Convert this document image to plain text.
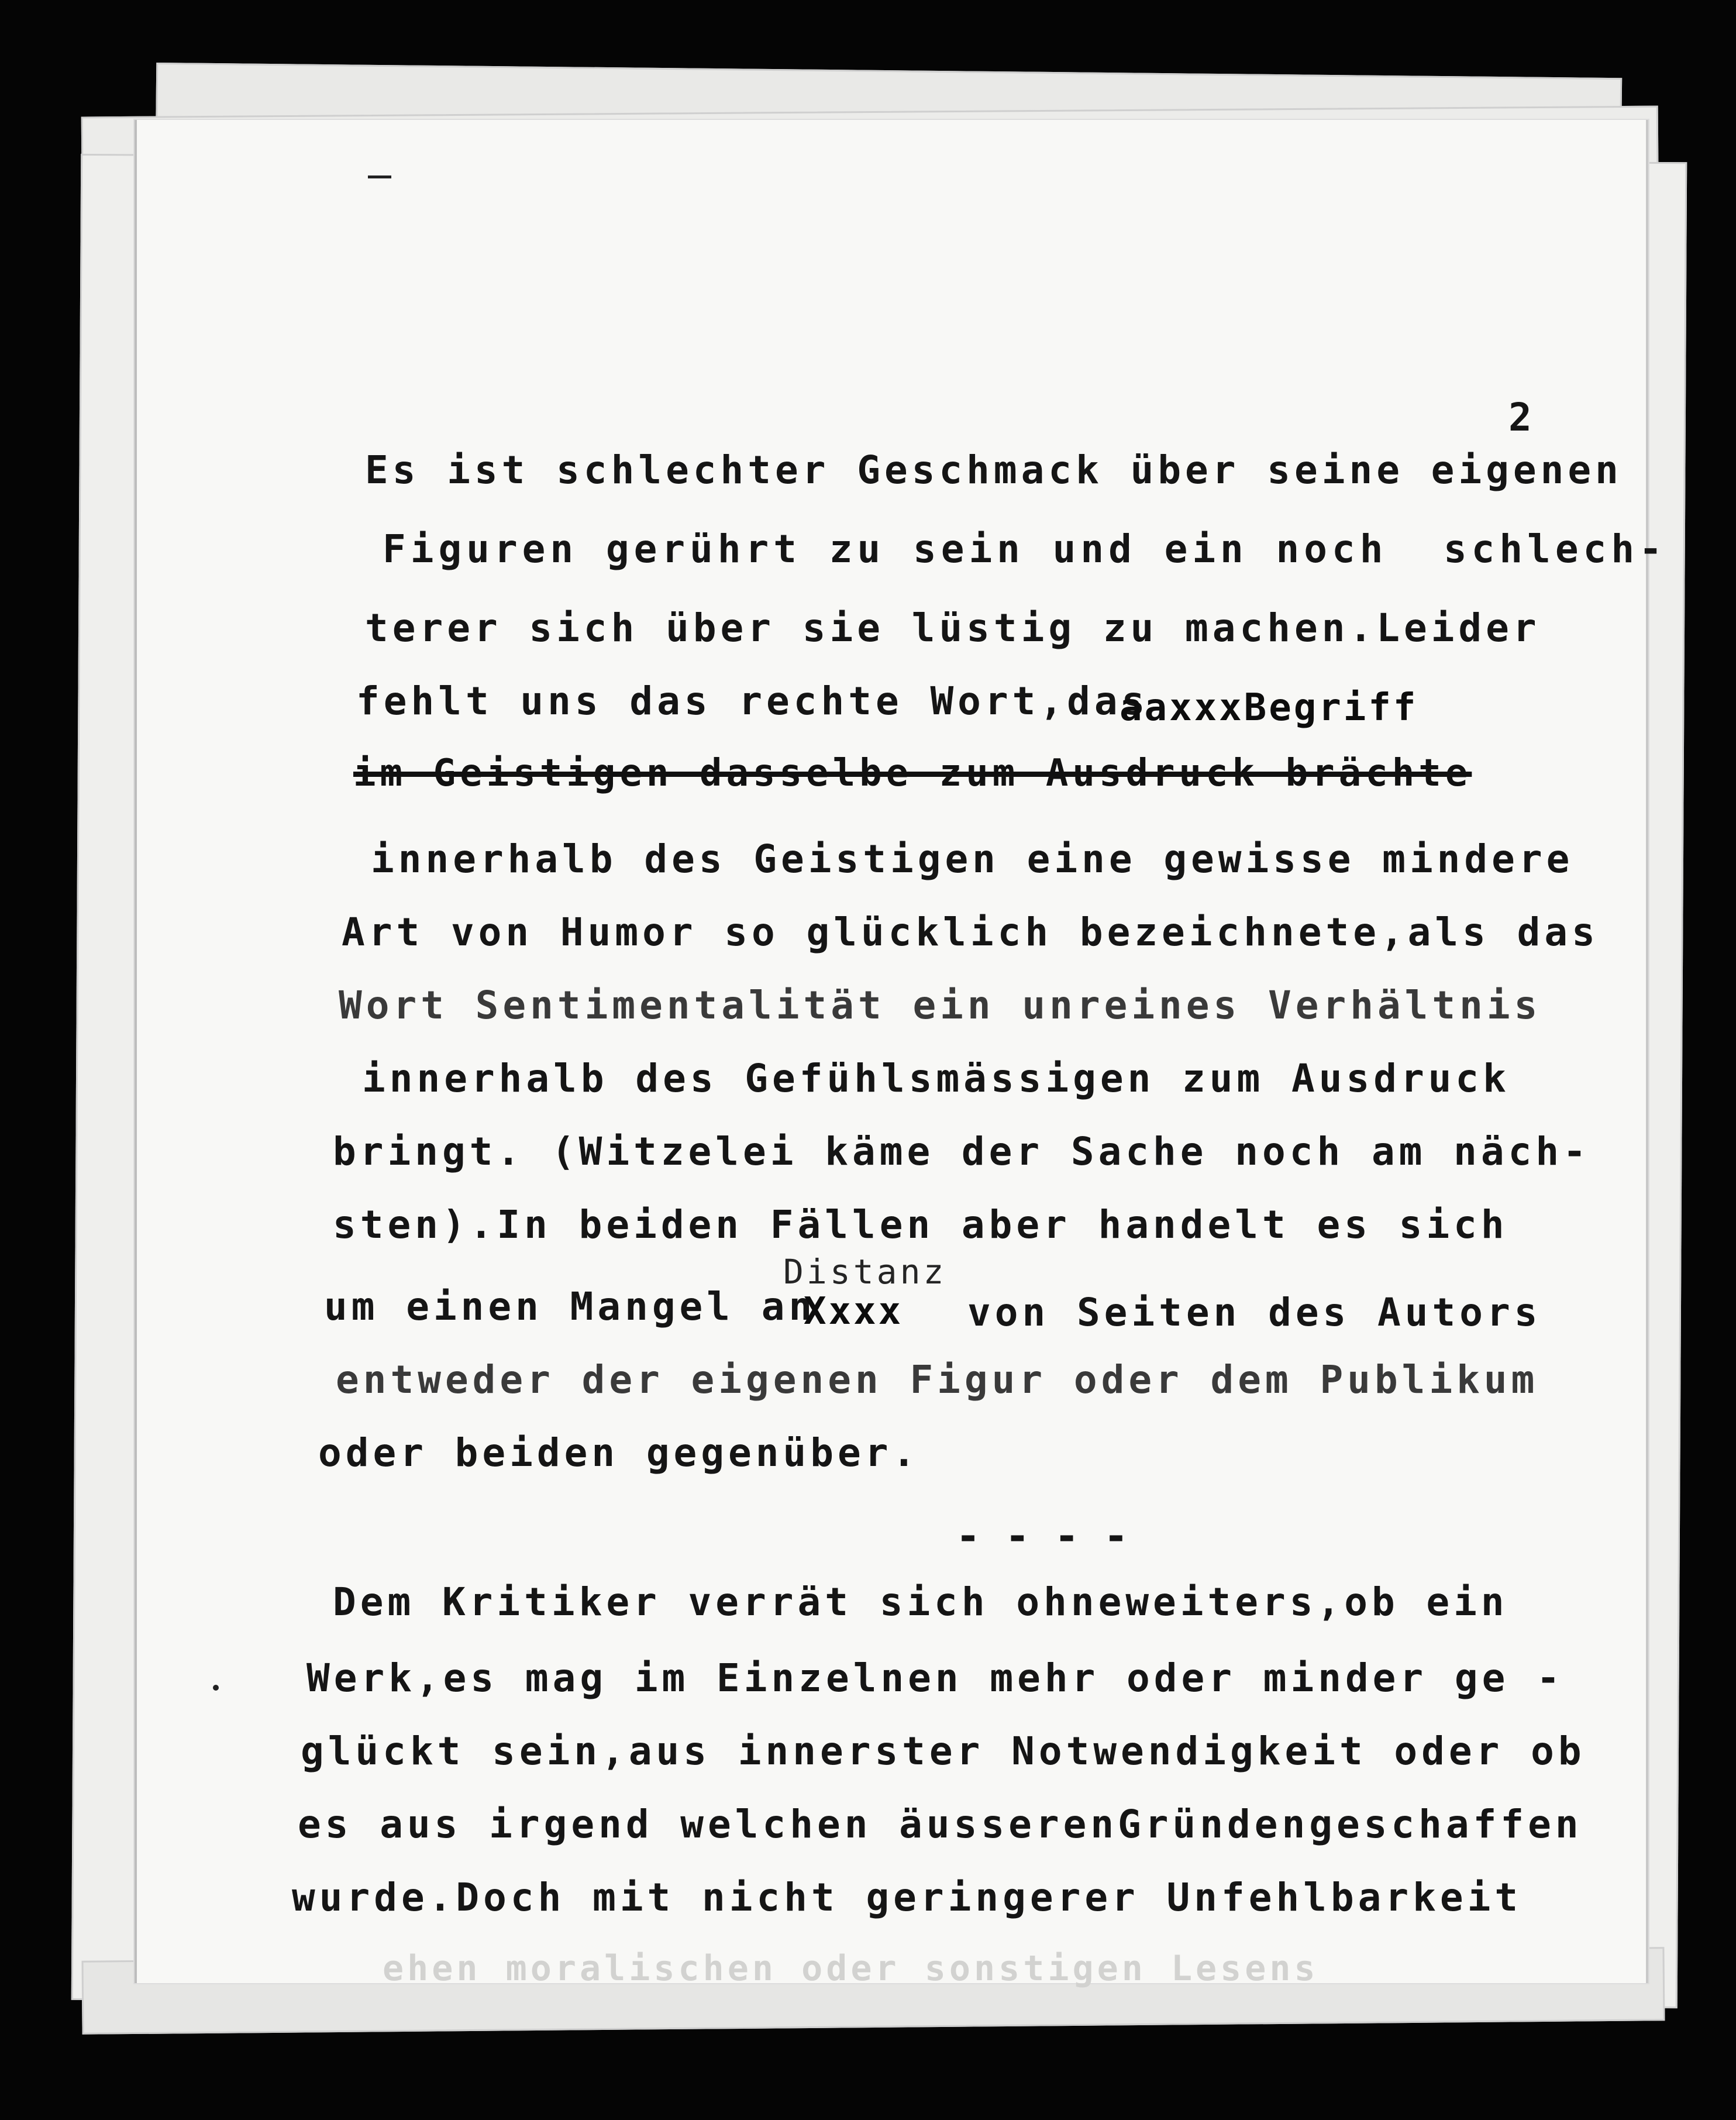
2
Es ist schlechter Geschmack über seine eigenen
Figuren gerührt zu sein und ein noch  schlech-
terer sich über sie lüstig zu machen.Leider
fehlt uns das rechte Wort,das
aaxxxBegriff
im Geistigen dasselbe zum Ausdruck brächte
innerhalb des Geistigen eine gewisse mindere
Art von Humor so glücklich bezeichnete,als das
Wort Sentimentalität ein unreines Verhältnis
innerhalb des Gefühlsmässigen zum Ausdruck
bringt. (Witzelei käme der Sache noch am näch-
sten).In beiden Fällen aber handelt es sich
Distanz
um einen Mangel an
Xxxx von Seiten des Autors
entweder der eigenen Figur oder dem Publikum
oder beiden gegenüber.
- - - -
Dem Kritiker verrät sich ohneweiters,ob ein
Werk,es mag im Einzelnen mehr oder minder ge -
glückt sein,aus innerster Notwendigkeit oder ob
es aus irgend welchen äusserenGründengeschaffen
wurde.Doch mit nicht geringerer Unfehlbarkeit
ehen moralischen oder sonstigen Lesens
